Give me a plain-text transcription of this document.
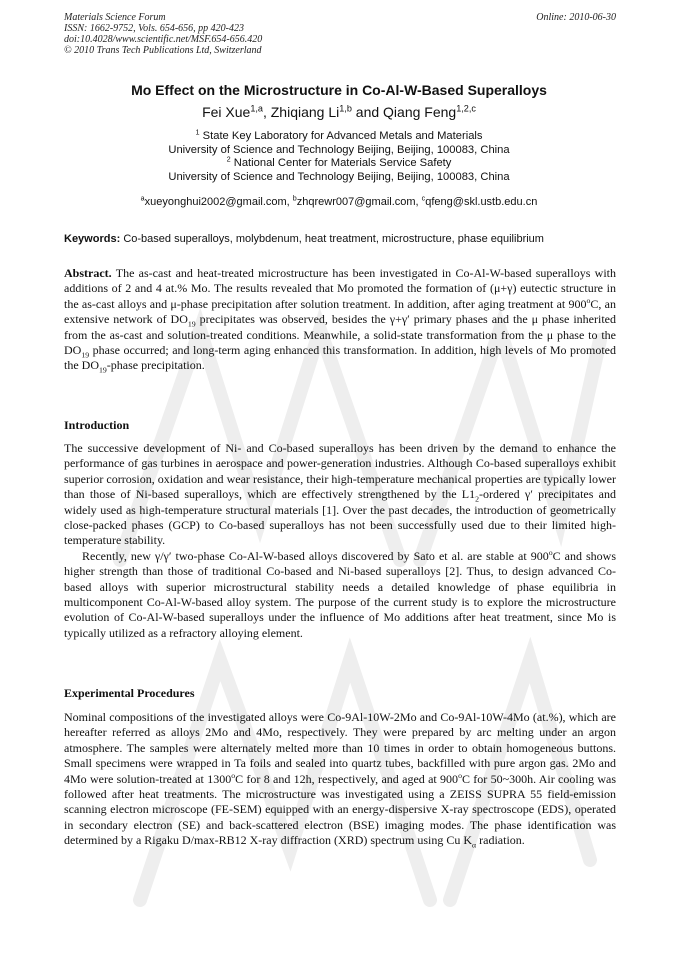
Materials Science Forum
ISSN: 1662-9752, Vols. 654-656, pp 420-423
doi:10.4028/www.scientific.net/MSF.654-656.420
© 2010 Trans Tech Publications Ltd, Switzerland
Online: 2010-06-30
Mo Effect on the Microstructure in Co-Al-W-Based Superalloys
Fei Xue$^{1,a}$, Zhiqiang Li$^{1,b}$ and Qiang Feng$^{1,2,c}$
$^1$ State Key Laboratory for Advanced Metals and Materials
University of Science and Technology Beijing, Beijing, 100083, China
$^2$ National Center for Materials Service Safety
University of Science and Technology Beijing, Beijing, 100083, China
$^a$xueyonghui2002@gmail.com, $^b$zhqrewr007@gmail.com, $^c$qfeng@skl.ustb.edu.cn
Keywords: Co-based superalloys, molybdenum, heat treatment, microstructure, phase equilibrium

Abstract. The as-cast and heat-treated microstructure has been investigated in Co-Al-W-based superalloys with additions of 2 and 4 at.% Mo. The results revealed that Mo promoted the formation of (μ+γ) eutectic structure in the as-cast alloys and μ-phase precipitation after solution treatment. In addition, after aging treatment at 900$^o$C, an extensive network of $DO_{19}$ precipitates was observed, besides the γ+γ′ primary phases and the μ phase inherited from the as-cast and solution-treated conditions. Meanwhile, a solid-state transformation from the μ phase to the $DO_{19}$ phase occurred; and long-term aging enhanced this transformation. In addition, high levels of Mo promoted the $DO_{19}$-phase precipitation.

Introduction

The successive development of Ni- and Co-based superalloys has been driven by the demand to enhance the performance of gas turbines in aerospace and power-generation industries. Although Co-based superalloys exhibit superior corrosion, oxidation and wear resistance, their high-temperature mechanical properties are typically lower than those of Ni-based superalloys, which are effectively strengthened by the $L1_2$-ordered γ′ precipitates and widely used as high-temperature structural materials [1]. Over the past decades, the introduction of geometrically close-packed phases (GCP) to Co-based superalloys has not been successfully used due to their limited high-temperature stability.

Recently, new γ/γ′ two-phase Co-Al-W-based alloys discovered by Sato et al. are stable at 900$^o$C and shows higher strength than those of traditional Co-based and Ni-based superalloys [2]. Thus, to design advanced Co-based alloys with superior microstructural stability needs a detailed knowledge of phase equilibria in multicomponent Co-Al-W-based alloy system. The purpose of the current study is to explore the microstructure evolution of Co-Al-W-based superalloys under the influence of Mo additions after heat treatment, since Mo is typically utilized as a refractory alloying element.

Experimental Procedures

Nominal compositions of the investigated alloys were Co-9Al-10W-2Mo and Co-9Al-10W-4Mo (at.%), which are hereafter referred as alloys 2Mo and 4Mo, respectively. They were prepared by arc melting under an argon atmosphere. The samples were alternately melted more than 10 times in order to obtain homogeneous buttons. Small specimens were wrapped in Ta foils and sealed into quartz tubes, backfilled with pure argon gas. 2Mo and 4Mo were solution-treated at 1300$^o$C for 8 and 12h, respectively, and aged at 900$^o$C for 50~300h. Air cooling was followed after heat treatments. The microstructure was investigated using a ZEISS SUPRA 55 field-emission scanning electron microscope (FE-SEM) equipped with an energy-dispersive X-ray spectroscope (EDS), operated in secondary electron (SE) and back-scattered electron (BSE) imaging modes. The phase identification was determined by a Rigaku D/max-RB12 X-ray diffraction (XRD) spectrum using Cu $K_\alpha$ radiation.
